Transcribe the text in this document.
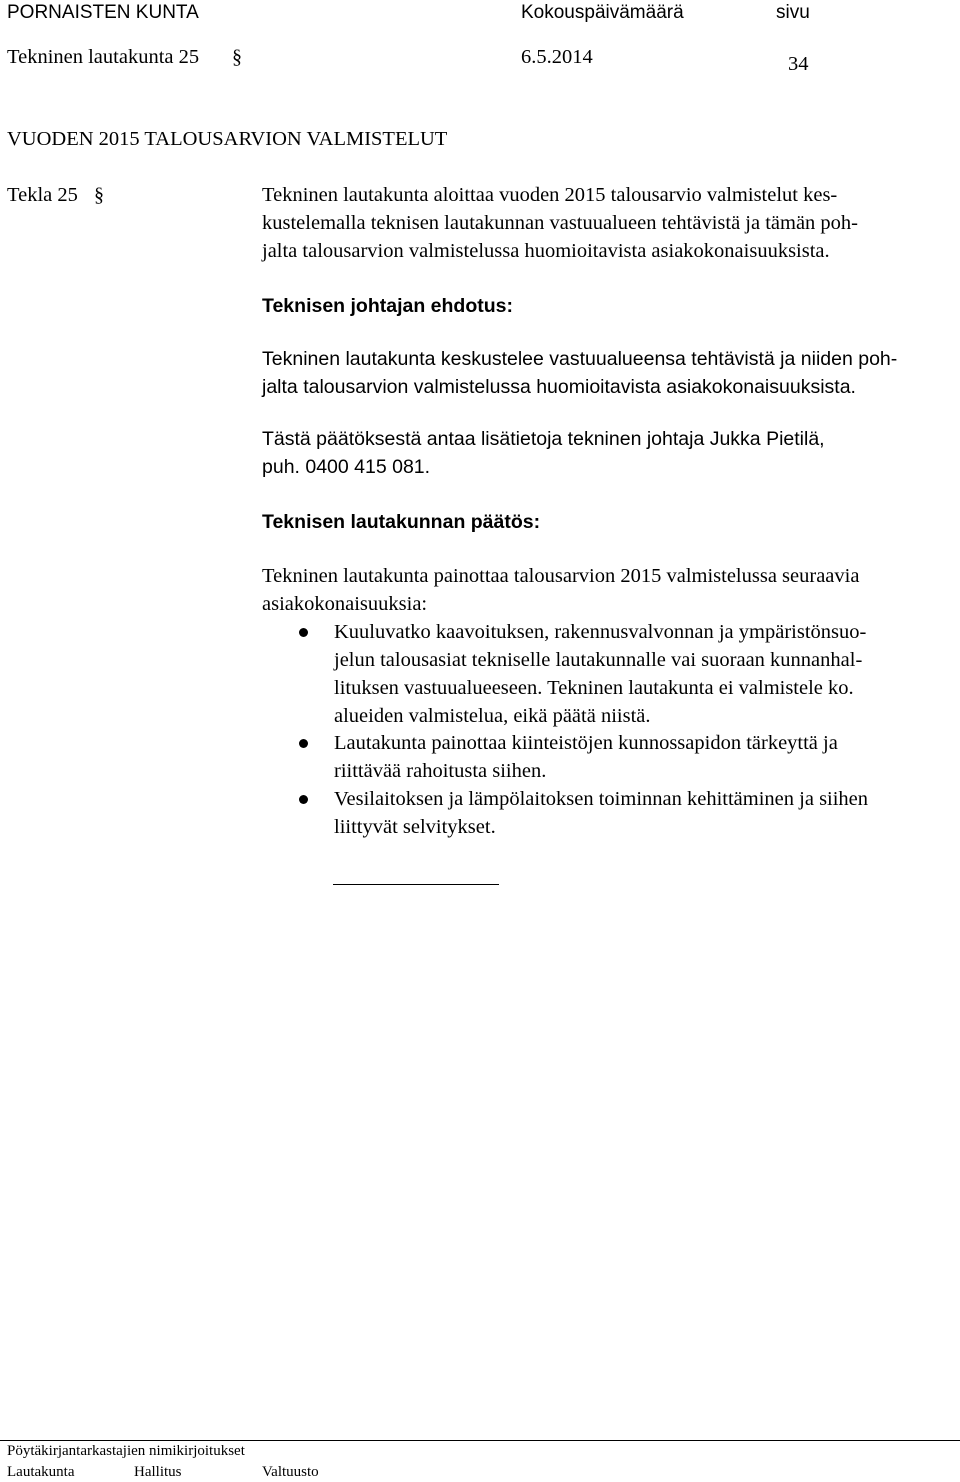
PORNAISTEN KUNTA	Kokouspäivämäärä	sivu
Tekninen lautakunta 25 §	6.5.2014	34
VUODEN 2015 TALOUSARVION VALMISTELUT
Tekla 25 §	Tekninen lautakunta aloittaa vuoden 2015 talousarvio valmistelut kes-

kustelemalla teknisen lautakunnan vastuualueen tehtävistä ja tämän poh-

jalta talousarvion valmistelussa huomioitavista asiakokonaisuuksista.

Teknisen johtajan ehdotus:

Tekninen lautakunta keskustelee vastuualueensa tehtävistä ja niiden poh-

jalta talousarvion valmistelussa huomioitavista asiakokonaisuuksista.

Tästä päätöksestä antaa lisätietoja tekninen johtaja Jukka Pietilä,

puh. 0400 415 081.

Teknisen lautakunnan päätös:

Tekninen lautakunta painottaa talousarvion 2015 valmistelussa seuraavia

asiakokonaisuuksia:

Kuuluvatko kaavoituksen, rakennusvalvonnan ja ympäristönsuo-
jelun talousasiat tekniselle lautakunnalle vai suoraan kunnanhal-
lituksen vastuualueeseen. Tekninen lautakunta ei valmistele ko.
alueiden valmistelua, eikä päätä niistä.
Lautakunta painottaa kiinteistöjen kunnossapidon tärkeyttä ja
riittävää rahoitusta siihen.
Vesilaitoksen ja lämpölaitoksen toiminnan kehittäminen ja siihen
liittyvät selvitykset.
Pöytäkirjantarkastajien nimikirjoitukset
Lautakunta	Hallitus	Valtuusto
